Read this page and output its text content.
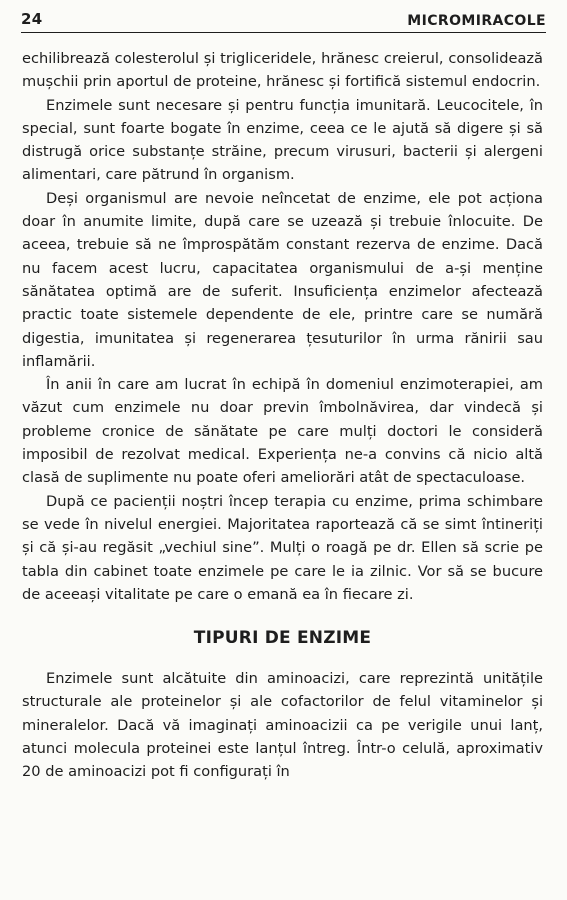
24	MICROMIRACOLE

echilibrează colesterolul și trigliceridele, hrănesc creierul, consolidează mușchii prin aportul de proteine, hrănesc și fortifică sistemul endocrin.

Enzimele sunt necesare și pentru funcția imunitară. Leucocitele, în special, sunt foarte bogate în enzime, ceea ce le ajută să digere și să distrugă orice substanțe străine, precum virusuri, bacterii și alergeni alimentari, care pătrund în organism.

Deși organismul are nevoie neîncetat de enzime, ele pot acționa doar în anumite limite, după care se uzează și trebuie înlocuite. De aceea, trebuie să ne împrospătăm constant rezerva de enzime. Dacă nu facem acest lucru, capacitatea organismului de a-și menține sănătatea optimă are de suferit. Insuficiența enzimelor afectează practic toate sistemele dependente de ele, printre care se numără digestia, imunitatea și regenerarea țesuturilor în urma rănirii sau inflamării.

În anii în care am lucrat în echipă în domeniul enzimoterapiei, am văzut cum enzimele nu doar previn îmbolnăvirea, dar vindecă și probleme cronice de sănătate pe care mulți doctori le consideră imposibil de rezolvat medical. Experiența ne-a convins că nicio altă clasă de suplimente nu poate oferi ameliorări atât de spectaculoase.

După ce pacienții noștri încep terapia cu enzime, prima schimbare se vede în nivelul energiei. Majoritatea raportează că se simt întineriți și că și-au regăsit „vechiul sine”. Mulți o roagă pe dr. Ellen să scrie pe tabla din cabinet toate enzimele pe care le ia zilnic. Vor să se bucure de aceeași vitalitate pe care o emană ea în fiecare zi.

TIPURI DE ENZIME

Enzimele sunt alcătuite din aminoacizi, care reprezintă unitățile structurale ale proteinelor și ale cofactorilor de felul vitaminelor și mineralelor. Dacă vă imaginați aminoacizii ca pe verigile unui lanț, atunci molecula proteinei este lanțul întreg. Într-o celulă, aproximativ 20 de aminoacizi pot fi configurați în
